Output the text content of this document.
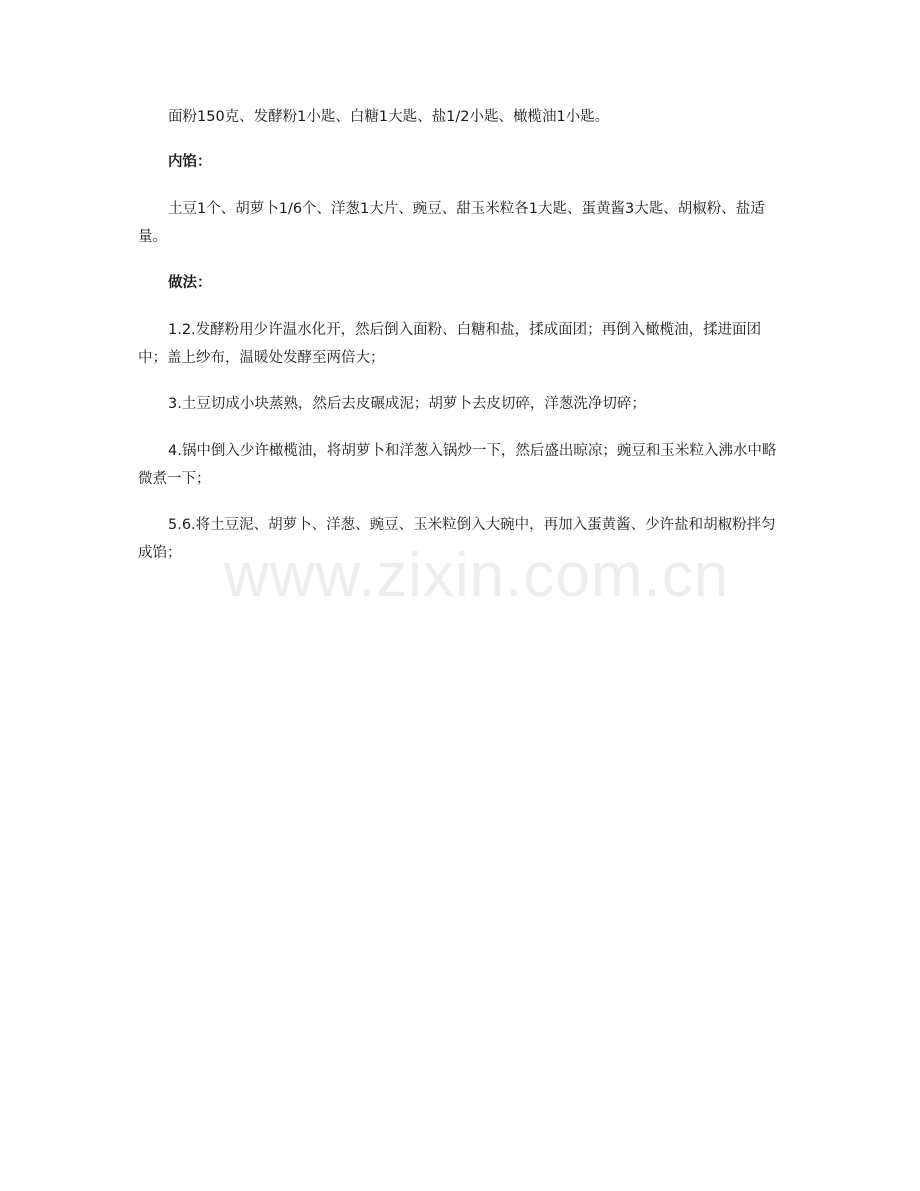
面粉150克、发酵粉1小匙、白糖1大匙、盐1/2小匙、橄榄油1小匙。

内馅：

土豆1个、胡萝卜1/6个、洋葱1大片、豌豆、甜玉米粒各1大匙、蛋黄酱3大匙、胡椒粉、盐适量。

做法：

1.2.发酵粉用少许温水化开，然后倒入面粉、白糖和盐，揉成面团；再倒入橄榄油，揉进面团中；盖上纱布，温暖处发酵至两倍大；

3.土豆切成小块蒸熟，然后去皮碾成泥；胡萝卜去皮切碎，洋葱洗净切碎；

4.锅中倒入少许橄榄油，将胡萝卜和洋葱入锅炒一下，然后盛出晾凉；豌豆和玉米粒入沸水中略微煮一下；

5.6.将土豆泥、胡萝卜、洋葱、豌豆、玉米粒倒入大碗中，再加入蛋黄酱、少许盐和胡椒粉拌匀成馅； www.zixin.com.cn
